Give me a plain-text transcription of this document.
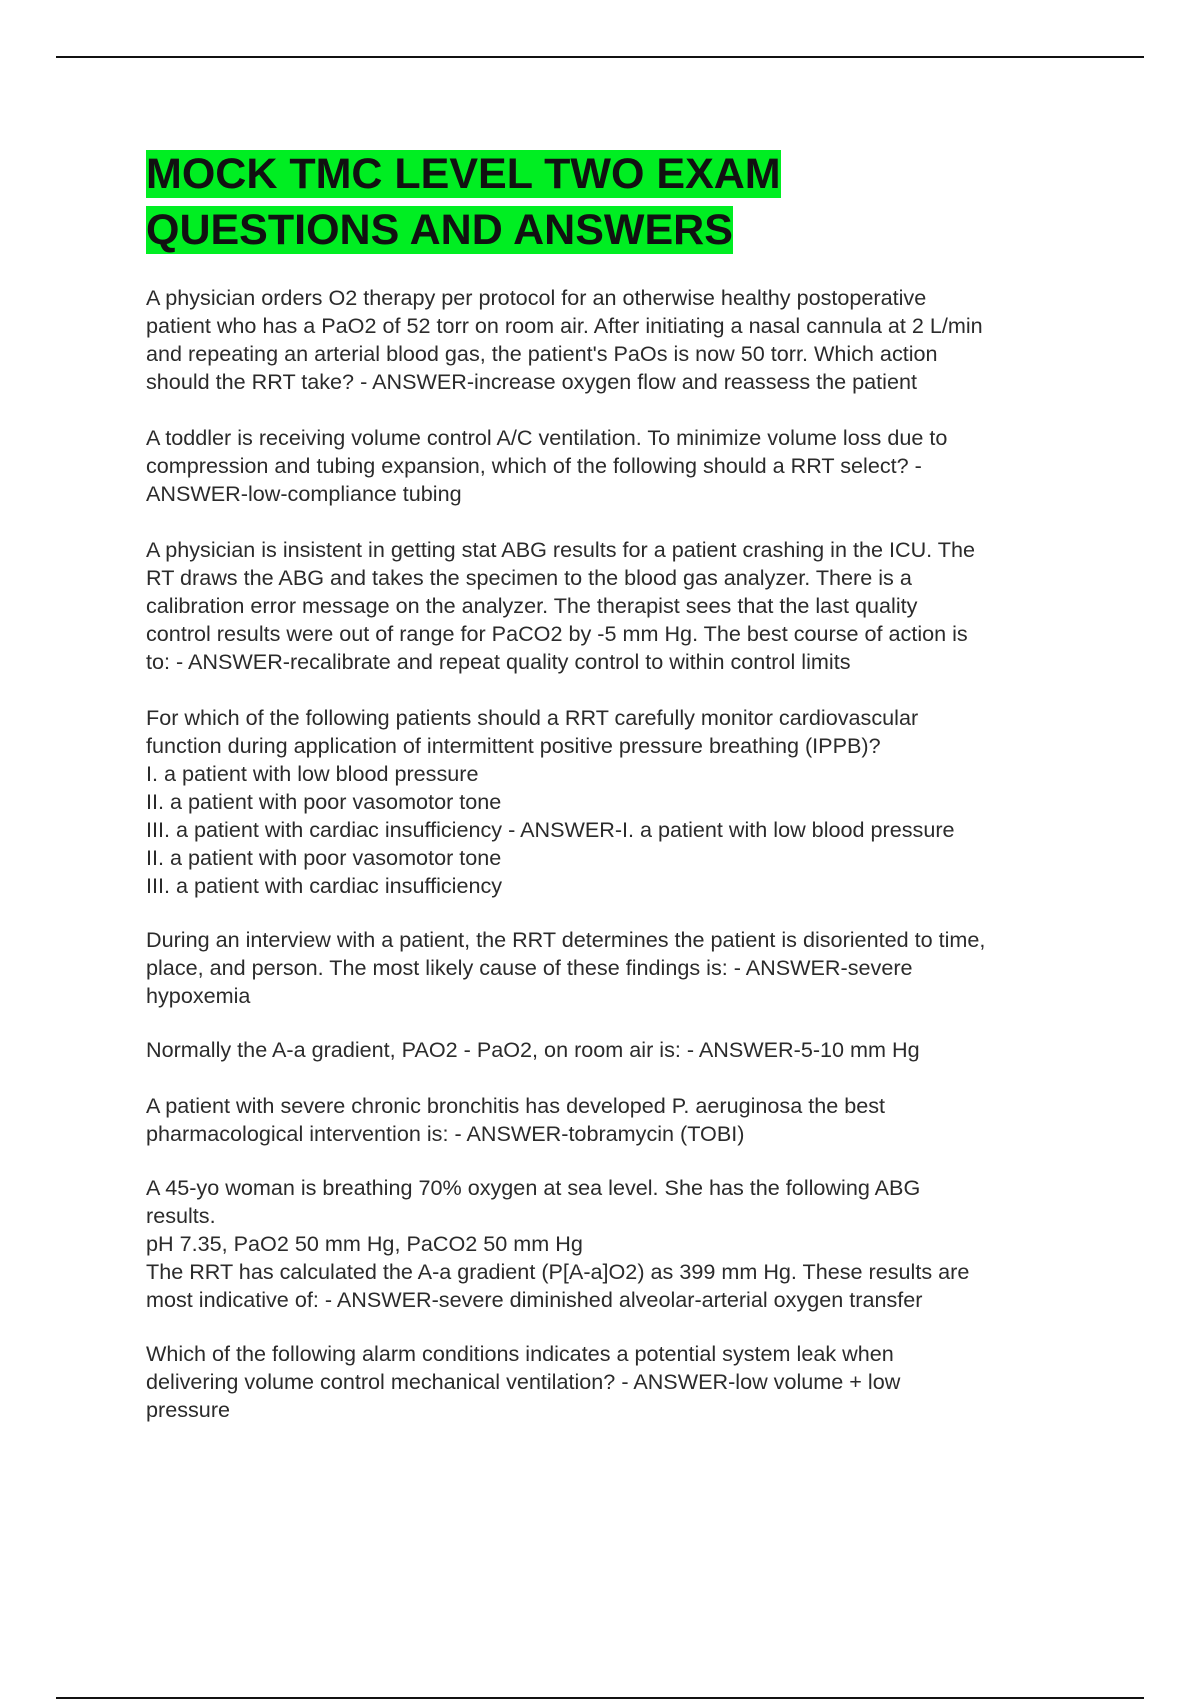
MOCK TMC LEVEL TWO EXAM
QUESTIONS AND ANSWERS

A physician orders O2 therapy per protocol for an otherwise healthy postoperative
patient who has a PaO2 of 52 torr on room air. After initiating a nasal cannula at 2 L/min
and repeating an arterial blood gas, the patient's PaOs is now 50 torr. Which action
should the RRT take? - ANSWER-increase oxygen flow and reassess the patient

A toddler is receiving volume control A/C ventilation. To minimize volume loss due to
compression and tubing expansion, which of the following should a RRT select? -
ANSWER-low-compliance tubing

A physician is insistent in getting stat ABG results for a patient crashing in the ICU. The
RT draws the ABG and takes the specimen to the blood gas analyzer. There is a
calibration error message on the analyzer. The therapist sees that the last quality
control results were out of range for PaCO2 by -5 mm Hg. The best course of action is
to: - ANSWER-recalibrate and repeat quality control to within control limits

For which of the following patients should a RRT carefully monitor cardiovascular
function during application of intermittent positive pressure breathing (IPPB)?
I. a patient with low blood pressure
II. a patient with poor vasomotor tone
III. a patient with cardiac insufficiency - ANSWER-I. a patient with low blood pressure
II. a patient with poor vasomotor tone
III. a patient with cardiac insufficiency

During an interview with a patient, the RRT determines the patient is disoriented to time,
place, and person. The most likely cause of these findings is: - ANSWER-severe
hypoxemia

Normally the A-a gradient, PAO2 - PaO2, on room air is: - ANSWER-5-10 mm Hg

A patient with severe chronic bronchitis has developed P. aeruginosa the best
pharmacological intervention is: - ANSWER-tobramycin (TOBI)

A 45-yo woman is breathing 70% oxygen at sea level. She has the following ABG
results.
pH 7.35, PaO2 50 mm Hg, PaCO2 50 mm Hg
The RRT has calculated the A-a gradient (P[A-a]O2) as 399 mm Hg. These results are
most indicative of: - ANSWER-severe diminished alveolar-arterial oxygen transfer

Which of the following alarm conditions indicates a potential system leak when
delivering volume control mechanical ventilation? - ANSWER-low volume + low
pressure
